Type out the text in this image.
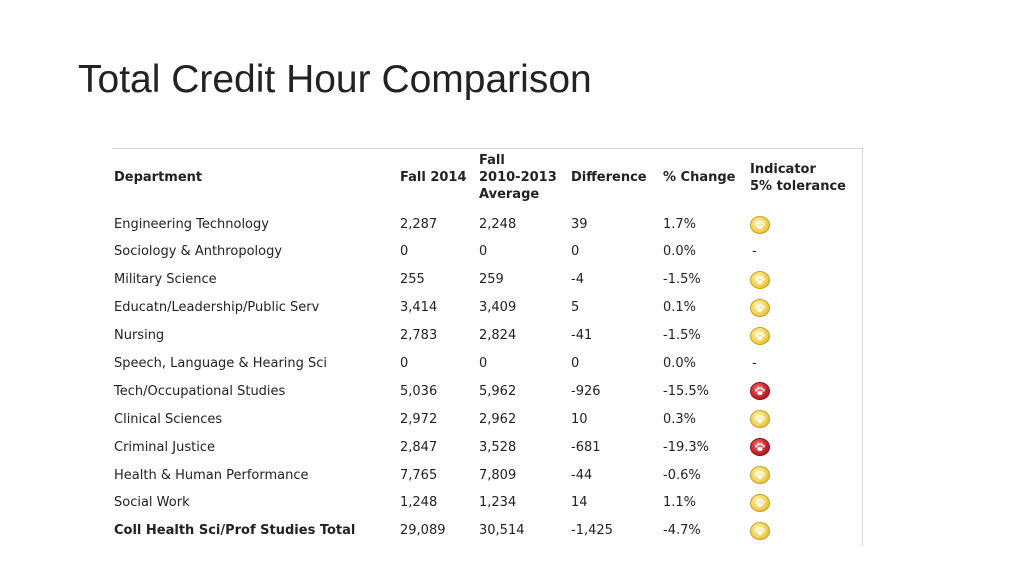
Total Credit Hour Comparison
Department	Fall 2014	Fall
2010-2013
Average	Difference	% Change	Indicator
5% tolerance

Engineering Technology	2,287	2,248	39	1.7%	

Sociology & Anthropology	0	0	0	0.0%	-
Military Science	255	259	-4	-1.5%	

Educatn/Leadership/Public Serv	3,414	3,409	5	0.1%	

Nursing	2,783	2,824	-41	-1.5%	

Speech, Language & Hearing Sci	0	0	0	0.0%	-
Tech/Occupational Studies	5,036	5,962	-926	-15.5%	

Clinical Sciences	2,972	2,962	10	0.3%	

Criminal Justice	2,847	3,528	-681	-19.3%	

Health & Human Performance	7,765	7,809	-44	-0.6%	

Social Work	1,248	1,234	14	1.1%	

Coll Health Sci/Prof Studies Total	29,089	30,514	-1,425	-4.7%	
